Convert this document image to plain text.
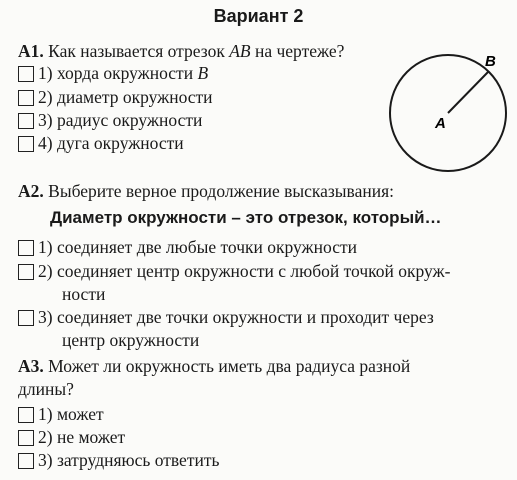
Вариант 2
А1. Как называется отрезок AB на чертеже?
1) хорда окружности B
2) диаметр окружности
3) радиус окружности
4) дуга окружности
A
B
А2. Выберите верное продолжение высказывания:
Диаметр окружности – это отрезок, который…
1) соединяет две любые точки окружности
2) соединяет центр окружности с любой точкой окруж-
ности
3) соединяет две точки окружности и проходит через
центр окружности
А3. Может ли окружность иметь два радиуса разной
длины?
1) может
2) не может
3) затрудняюсь ответить
